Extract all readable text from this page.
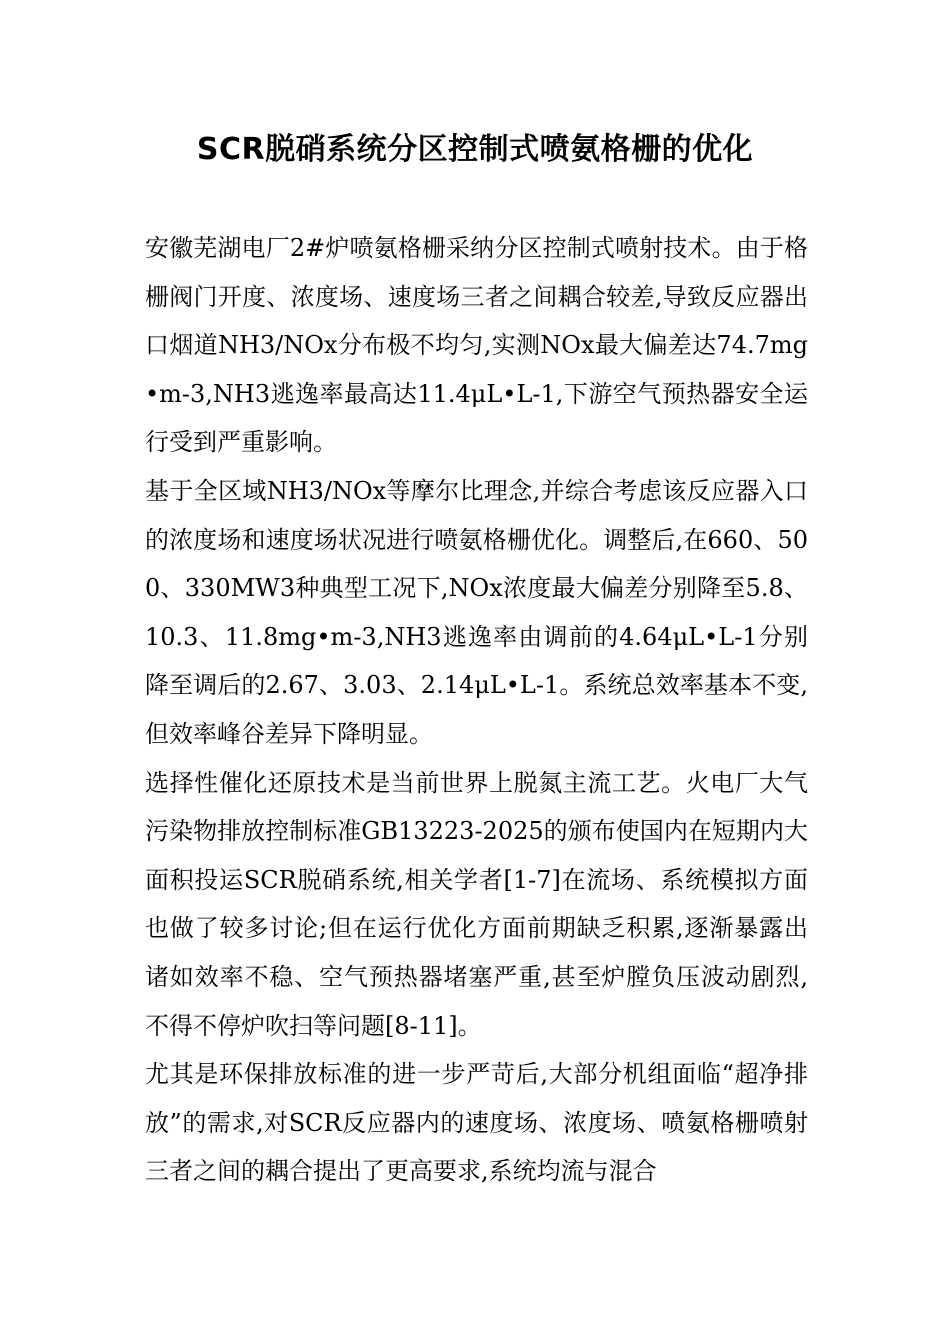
SCR脱硝系统分区控制式喷氨格栅的优化

安徽芜湖电厂2#炉喷氨格栅采纳分区控制式喷射技术。由于格栅阀门开度、浓度场、速度场三者之间耦合较差,导致反应器出口烟道NH3/NOx分布极不均匀,实测NOx最大偏差达74.7mg•m-3,NH3逃逸率最高达11.4μL•L-1,下游空气预热器安全运行受到严重影响。

基于全区域NH3/NOx等摩尔比理念,并综合考虑该反应器入口的浓度场和速度场状况进行喷氨格栅优化。调整后,在660、500、330MW3种典型工况下,NOx浓度最大偏差分别降至5.8、10.3、11.8mg•m-3,NH3逃逸率由调前的4.64μL•L-1分别降至调后的2.67、3.03、2.14μL•L-1。系统总效率基本不变,但效率峰谷差异下降明显。

选择性催化还原技术是当前世界上脱氮主流工艺。火电厂大气污染物排放控制标准GB13223-2025的颁布使国内在短期内大面积投运SCR脱硝系统,相关学者[1-7]在流场、系统模拟方面也做了较多讨论;但在运行优化方面前期缺乏积累,逐渐暴露出诸如效率不稳、空气预热器堵塞严重,甚至炉膛负压波动剧烈,不得不停炉吹扫等问题[8-11]。

尤其是环保排放标准的进一步严苛后,大部分机组面临“超净排放”的需求,对SCR反应器内的速度场、浓度场、喷氨格栅喷射三者之间的耦合提出了更高要求,系统均流与混合
